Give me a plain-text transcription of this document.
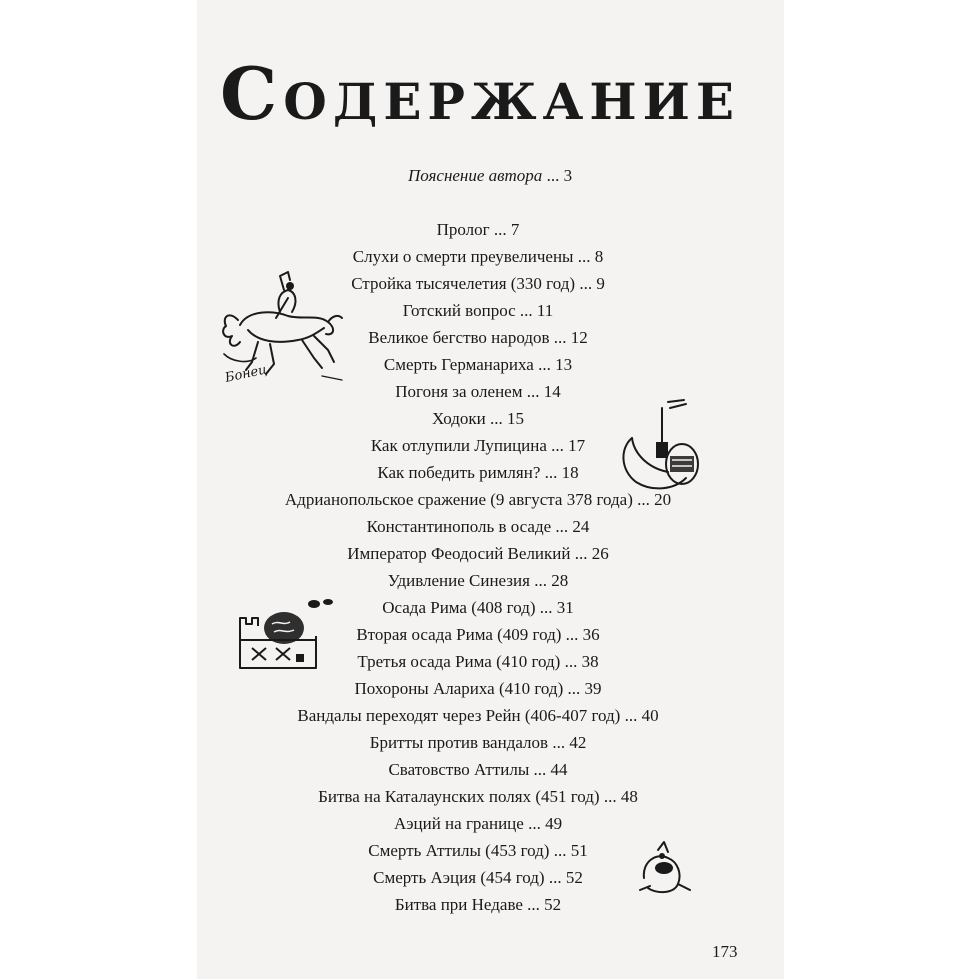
Содержание
Пояснение автора ... 3
Пролог ... 7
Слухи о смерти преувеличены ... 8
Стройка тысячелетия (330 год) ... 9
Готский вопрос ... 11
Великое бегство народов ... 12
Смерть Германариха ... 13
Погоня за оленем ... 14
Ходоки ... 15
Как отлупили Лупицина ... 17
Как победить римлян? ... 18
Адрианопольское сражение (9 августа 378 года) ... 20
Константинополь в осаде ... 24
Император Феодосий Великий ... 26
Удивление Синезия ... 28
Осада Рима (408 год) ... 31
Вторая осада Рима (409 год) ... 36
Третья осада Рима (410 год) ... 38
Похороны Алариха (410 год) ... 39
Вандалы переходят через Рейн (406-407 год) ... 40
Бритты против вандалов ... 42
Сватовство Аттилы ... 44
Битва на Каталаунских полях (451 год) ... 48
Аэций на границе ... 49
Смерть Аттилы (453 год) ... 51
Смерть Аэция (454 год) ... 52
Битва при Недаве ... 52
173
Бонец
